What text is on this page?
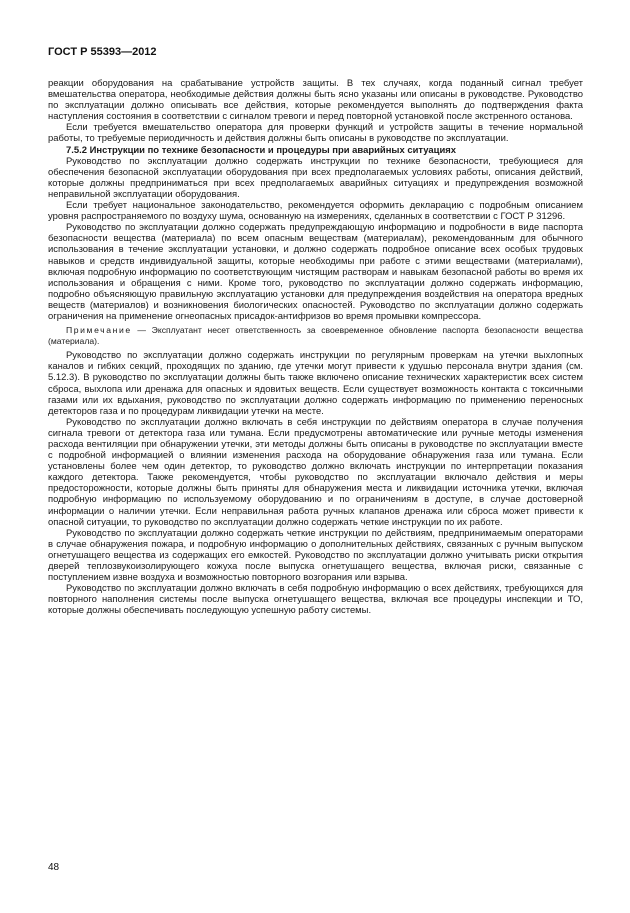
ГОСТ Р 55393—2012

реакции оборудования на срабатывание устройств защиты. В тех случаях, когда поданный сигнал требует вмешательства оператора, необходимые действия должны быть ясно указаны или описаны в руководстве. Руководство по эксплуатации должно описывать все действия, которые рекомендуется выполнять до подтверждения факта наступления состояния в соответствии с сигналом тревоги и перед повторной установкой после экстренного останова.

Если требуется вмешательство оператора для проверки функций и устройств защиты в течение нормальной работы, то требуемые периодичность и действия должны быть описаны в руководстве по эксплуатации.

7.5.2 Инструкции по технике безопасности и процедуры при аварийных ситуациях

Руководство по эксплуатации должно содержать инструкции по технике безопасности, требующиеся для обеспечения безопасной эксплуатации оборудования при всех предполагаемых условиях работы, описания действий, которые должны предприниматься при всех предполагаемых аварийных ситуациях и предупреждения возможной неправильной эксплуатации оборудования.

Если требует национальное законодательство, рекомендуется оформить декларацию с подробным описанием уровня распространяемого по воздуху шума, основанную на измерениях, сделанных в соответствии с ГОСТ Р 31296.

Руководство по эксплуатации должно содержать предупреждающую информацию и подробности в виде паспорта безопасности вещества (материала) по всем опасным веществам (материалам), рекомендованным для обычного использования в течение эксплуатации установки, и должно содержать подробное описание всех особых трудовых навыков и средств индивидуальной защиты, которые необходимы при работе с этими веществами (материалами), включая подробную информацию по соответствующим чистящим растворам и навыкам безопасной работы во время их использования и обращения с ними. Кроме того, руководство по эксплуатации должно содержать информацию, подробно объясняющую правильную эксплуатацию установки для предупреждения воздействия на оператора вредных веществ (материалов) и возникновения биологических опасностей. Руководство по эксплуатации должно содержать ограничения на применение огнеопасных присадок-антифризов во время промывки компрессора.

Примечание — Эксплуатант несет ответственность за своевременное обновление паспорта безопасности вещества (материала).

Руководство по эксплуатации должно содержать инструкции по регулярным проверкам на утечки выхлопных каналов и гибких секций, проходящих по зданию, где утечки могут привести к удушью персонала внутри здания (см. 5.12.3). В руководство по эксплуатации должны быть также включено описание технических характеристик всех систем сброса, выхлопа или дренажа для опасных и ядовитых веществ. Если существует возможность контакта с токсичными газами или их вдыхания, руководство по эксплуатации должно содержать информацию по применению переносных детекторов газа и по процедурам ликвидации утечки на месте.

Руководство по эксплуатации должно включать в себя инструкции по действиям оператора в случае получения сигнала тревоги от детектора газа или тумана. Если предусмотрены автоматические или ручные методы изменения расхода вентиляции при обнаружении утечки, эти методы должны быть описаны в руководстве по эксплуатации вместе с подробной информацией о влиянии изменения расхода на оборудование обнаружения газа или тумана. Если установлены более чем один детектор, то руководство должно включать инструкции по интерпретации показания каждого детектора. Также рекомендуется, чтобы руководство по эксплуатации включало действия и меры предосторожности, которые должны быть приняты для обнаружения места и ликвидации источника утечки, включая подробную информацию по используемому оборудованию и по ограничениям в доступе, в случае достоверной информации о наличии утечки. Если неправильная работа ручных клапанов дренажа или сброса может привести к опасной ситуации, то руководство по эксплуатации должно содержать четкие инструкции по их работе.

Руководство по эксплуатации должно содержать четкие инструкции по действиям, предпринимаемым операторами в случае обнаружения пожара, и подробную информацию о дополнительных действиях, связанных с ручным выпуском огнетушащего вещества из содержащих его емкостей. Руководство по эксплуатации должно учитывать риски открытия дверей теплозвукоизолирующего кожуха после выпуска огнетушащего вещества, включая риски, связанные с поступлением извне воздуха и возможностью повторного возгорания или взрыва.

Руководство по эксплуатации должно включать в себя подробную информацию о всех действиях, требующихся для повторного наполнения системы после выпуска огнетушащего вещества, включая все процедуры инспекции и ТО, которые должны обеспечивать последующую успешную работу системы.

48
